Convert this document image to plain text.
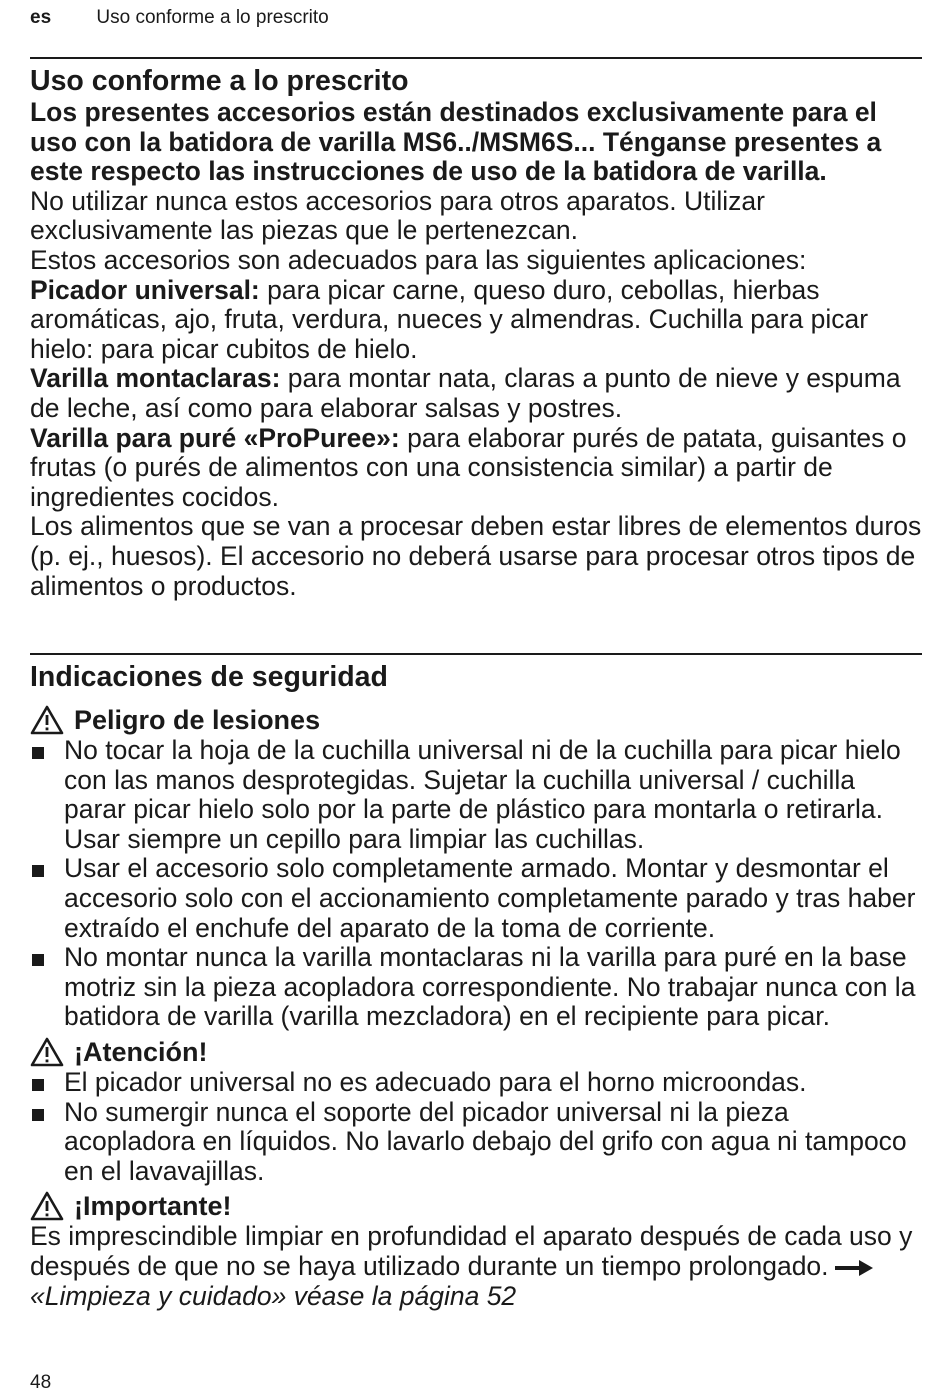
es Uso conforme a lo prescrito
Uso conforme a lo prescrito

Los presentes accesorios están destinados exclusivamente para el uso con la batidora de varilla MS6../MSM6S... Ténganse presentes a este respecto las instrucciones de uso de la batidora de varilla.

No utilizar nunca estos accesorios para otros aparatos. Utilizar exclusivamente las piezas que le pertenezcan.

Estos accesorios son adecuados para las siguientes aplicaciones:

Picador universal: para picar carne, queso duro, cebollas, hierbas aromáticas, ajo, fruta, verdura, nueces y almendras. Cuchilla para picar hielo: para picar cubitos de hielo.

Varilla montaclaras: para montar nata, claras a punto de nieve y espuma de leche, así como para elaborar salsas y postres.

Varilla para puré «ProPuree»: para elaborar purés de patata, guisantes o frutas (o purés de alimentos con una consistencia similar) a partir de ingredientes cocidos.

Los alimentos que se van a procesar deben estar libres de elementos duros (p. ej., huesos). El accesorio no deberá usarse para procesar otros tipos de alimentos o productos.

Indicaciones de seguridad
Peligro de lesiones
No tocar la hoja de la cuchilla universal ni de la cuchilla para picar hielo con las manos desprotegidas. Sujetar la cuchilla universal / cuchilla parar picar hielo solo por la parte de plástico para montarla o retirarla. Usar siempre un cepillo para limpiar las cuchillas.
Usar el accesorio solo completamente armado. Montar y desmontar el accesorio solo con el accionamiento completamente parado y tras haber extraído el enchufe del aparato de la toma de corriente.
No montar nunca la varilla montaclaras ni la varilla para puré en la base motriz sin la pieza acopladora correspondiente. No trabajar nunca con la batidora de varilla (varilla mezcladora) en el recipiente para picar.
¡Atención!
El picador universal no es adecuado para el horno microondas.
No sumergir nunca el soporte del picador universal ni la pieza acopladora en líquidos. No lavarlo debajo del grifo con agua ni tampoco en el lavavajillas.
¡Importante!

Es imprescindible limpiar en profundidad el aparato después de cada uso y después de que no se haya utilizado durante un tiempo prolongado.«Limpieza y cuidado» véase la página 52

48
